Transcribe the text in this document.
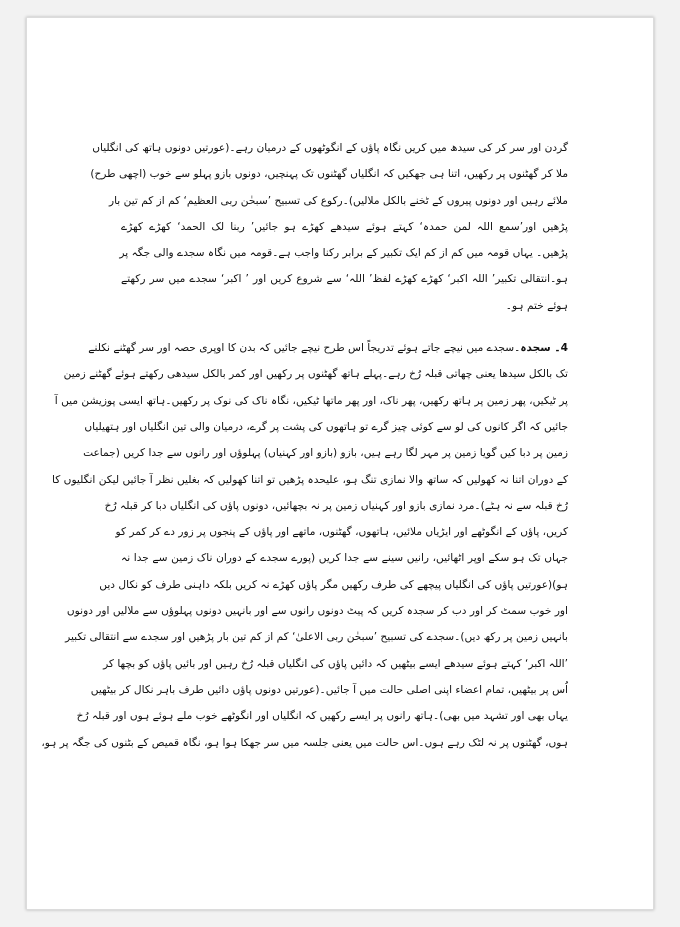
گردن اور سر کر کی سیدھ میں کریں نگاہ پاؤں کے انگوٹھوں کے درمیان رہے۔(عورتیں دونوں ہاتھ کی انگلیاں
ملا کر گھٹنوں پر رکھیں، اتنا ہی جھکیں کہ انگلیاں گھٹنوں تک پہنچیں، دونوں بازو پہلو سے خوب (اچھی طرح)
ملائے رہیں اور دونوں پیروں کے ٹخنے بالکل ملالیں)۔رکوع کی تسبیح ’سبحٰن ربی العظیم‘ کم از کم تین بار
پڑھیں اور’سمع اللہ لمن حمدہ‘ کہتے ہوئے سیدھے کھڑے ہو جائیں’ ربنا لک الحمد‘ کھڑے کھڑے
پڑھیں۔ یہاں قومہ میں کم از کم ایک تکبیر کے برابر رکنا واجب ہے۔قومہ میں نگاہ سجدے والی جگہ پر
ہو۔انتقالی تکبیر’ اللہ اکبر‘ کھڑے کھڑے لفظ’ اللہ‘ سے شروع کریں اور ’ اکبر‘ سجدے میں سر رکھتے
ہوئے ختم ہو۔
4۔ سجدہ۔سجدے میں نیچے جاتے ہوئے تدریجاً اس طرح نیچے جائیں کہ بدن کا اوپری حصہ اور سر گھٹنے نکلنے
تک بالکل سیدھا یعنی چھاتی قبلہ رُخ رہے۔پہلے ہاتھ گھٹنوں پر رکھیں اور کمر بالکل سیدھی رکھتے ہوئے گھٹنے زمین
پر ٹیکیں، پھر زمین پر ہاتھ رکھیں، پھر ناک، اور پھر ماتھا ٹیکیں، نگاہ ناک کی نوک پر رکھیں۔ہاتھ ایسی پوزیشن میں آ
جائیں کہ اگر کانوں کی لو سے کوئی چیز گرے تو ہاتھوں کی پشت پر گرے، درمیان والی تین انگلیاں اور ہتھیلیاں
زمین پر دبا کیں گویا زمین پر مہر لگا رہے ہیں، بازو (بازو اور کہنیاں) پہلوؤں اور رانوں سے جدا کریں (جماعت
کے دوران اتنا نہ کھولیں کہ ساتھ والا نمازی تنگ ہو، علیحدہ پڑھیں تو اتنا کھولیں کہ بغلیں نظر آ جائیں لیکن انگلیوں کا
رُخ قبلہ سے نہ ہٹے)۔مرد نمازی بازو اور کہنیاں زمین پر نہ بچھائیں، دونوں پاؤں کی انگلیاں دبا کر قبلہ رُخ
کریں، پاؤں کے انگوٹھے اور ایڑیاں ملائیں، ہاتھوں، گھٹنوں، ماتھے اور پاؤں کے پنجوں پر زور دے کر کمر کو
جہاں تک ہو سکے اوپر اٹھائیں، رانیں سینے سے جدا کریں (پورے سجدے کے دوران ناک زمین سے جدا نہ
ہو)(عورتیں پاؤں کی انگلیاں پیچھے کی طرف رکھیں مگر پاؤں کھڑے نہ کریں بلکہ داہنی طرف کو نکال دیں
اور خوب سمٹ کر اور دب کر سجدہ کریں کہ پیٹ دونوں رانوں سے اور بانہیں دونوں پہلوؤں سے ملالیں اور دونوں
بانہیں زمین پر رکھ دیں)۔سجدے کی تسبیح ’سبحٰن ربی الاعلیٰ‘ کم از کم تین بار پڑھیں اور سجدے سے انتقالی تکبیر
’اللہ اکبر‘ کہتے ہوئے سیدھے ایسے بیٹھیں کہ دائیں پاؤں کی انگلیاں قبلہ رُخ رہیں اور بائیں پاؤں کو بچھا کر
اُس پر بیٹھیں، تمام اعضاء اپنی اصلی حالت میں آ جائیں۔(عورتیں دونوں پاؤں دائیں طرف باہر نکال کر بیٹھیں
یہاں بھی اور تشہد میں بھی)۔ہاتھ رانوں پر ایسے رکھیں کہ انگلیاں اور انگوٹھے خوب ملے ہوئے ہوں اور قبلہ رُخ
ہوں، گھٹنوں پر نہ لٹک رہے ہوں۔اس حالت میں یعنی جلسہ میں سر جھکا ہوا ہو، نگاہ قمیص کے بٹنوں کی جگہ پر ہو،
